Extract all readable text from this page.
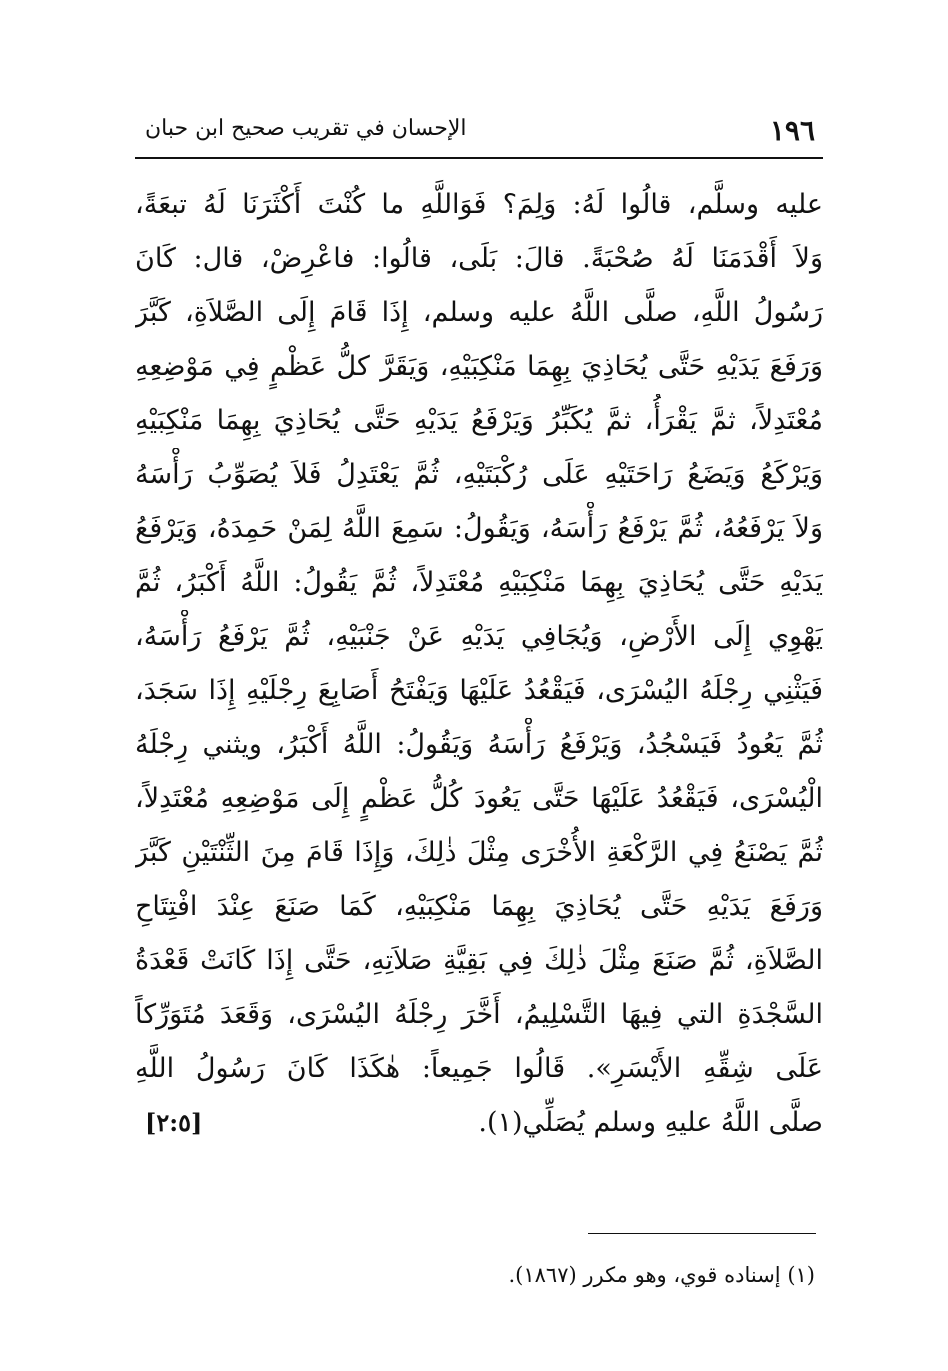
١٩٦
الإحسان في تقريب صحيح ابن حبان
عليه وسلَّم، قالُوا لَهُ: وَلِمَ؟ فَوَاللَّهِ ما كُنْتَ أَكْثَرَنَا لَهُ تبعَةً،
وَلاَ أَقْدَمَنَا لَهُ صُحْبَةً. قالَ: بَلَى، قالُوا: فاعْرِضْ، قال: كَانَ
رَسُولُ اللَّهِ، صلَّى اللَّهُ عليه وسلم، إِذَا قَامَ إِلَى الصَّلاَةِ، كَبَّرَ
وَرَفَعَ يَدَيْهِ حَتَّى يُحَاذِيَ بِهِمَا مَنْكِبَيْهِ، وَيَقَرَّ كلُّ عَظْمٍ فِي مَوْضِعِهِ
مُعْتَدِلاً، ثمَّ يَقْرَأُ، ثمَّ يُكَبِّرُ وَيَرْفَعُ يَدَيْهِ حَتَّى يُحَاذِيَ بِهِمَا مَنْكِبَيْهِ
وَيَرْكَعُ وَيَضَعُ رَاحَتَيْهِ عَلَى رُكْبَتَيْهِ، ثُمَّ يَعْتَدِلُ فَلاَ يُصَوِّبُ رَأْسَهُ
وَلاَ يَرْفَعُهُ، ثُمَّ يَرْفَعُ رَأْسَهُ، وَيَقُولُ: سَمِعَ اللَّهُ لِمَنْ حَمِدَهُ، وَيَرْفَعُ
يَدَيْهِ حَتَّى يُحَاذِيَ بِهِمَا مَنْكِبَيْهِ مُعْتَدِلاً، ثُمَّ يَقُولُ: اللَّهُ أَكْبَرُ، ثُمَّ
يَهْوِي إِلَى الأَرْضِ، وَيُجَافِي يَدَيْهِ عَنْ جَنْبَيْهِ، ثُمَّ يَرْفَعُ رَأْسَهُ،
فَيَثْنِي رِجْلَهُ اليُسْرَى، فَيَقْعُدُ عَلَيْهَا وَيَفْتَحُ أَصَابِعَ رِجْلَيْهِ إِذَا سَجَدَ،
ثُمَّ يَعُودُ فَيَسْجُدُ، وَيَرْفَعُ رَأْسَهُ وَيَقُولُ: اللَّهُ أَكْبَرُ، ويثني رِجْلَهُ
الْيُسْرَى، فَيَقْعُدُ عَلَيْهَا حَتَّى يَعُودَ كُلُّ عَظْمٍ إِلَى مَوْضِعِهِ مُعْتَدِلاً،
ثُمَّ يَصْنَعُ فِي الرَّكْعَةِ الأُخْرَى مِثْلَ ذٰلِكَ، وَإِذَا قَامَ مِنَ الثِّنْتَيْنِ كَبَّرَ
وَرَفَعَ يَدَيْهِ حَتَّى يُحَاذِيَ بِهِمَا مَنْكِبَيْهِ، كَمَا صَنَعَ عِنْدَ افْتِتَاحِ
الصَّلاَةِ، ثُمَّ صَنَعَ مِثْلَ ذٰلِكَ فِي بَقِيَّةِ صَلاَتِهِ، حَتَّى إِذَا كَانَتْ قَعْدَةُ
السَّجْدَةِ التي فِيهَا التَّسْلِيمُ، أَخَّرَ رِجْلَهُ اليُسْرَى، وَقَعَدَ مُتَوَرِّكاً
عَلَى شِقِّهِ الأَيْسَرِ». قَالُوا جَمِيعاً: هٰكَذَا كَانَ رَسُولُ اللَّهِ
صلَّى اللَّهُ عليهِ وسلم يُصَلِّي(١).
[٢:٥]
(١) إسناده قوي، وهو مكرر (١٨٦٧).
